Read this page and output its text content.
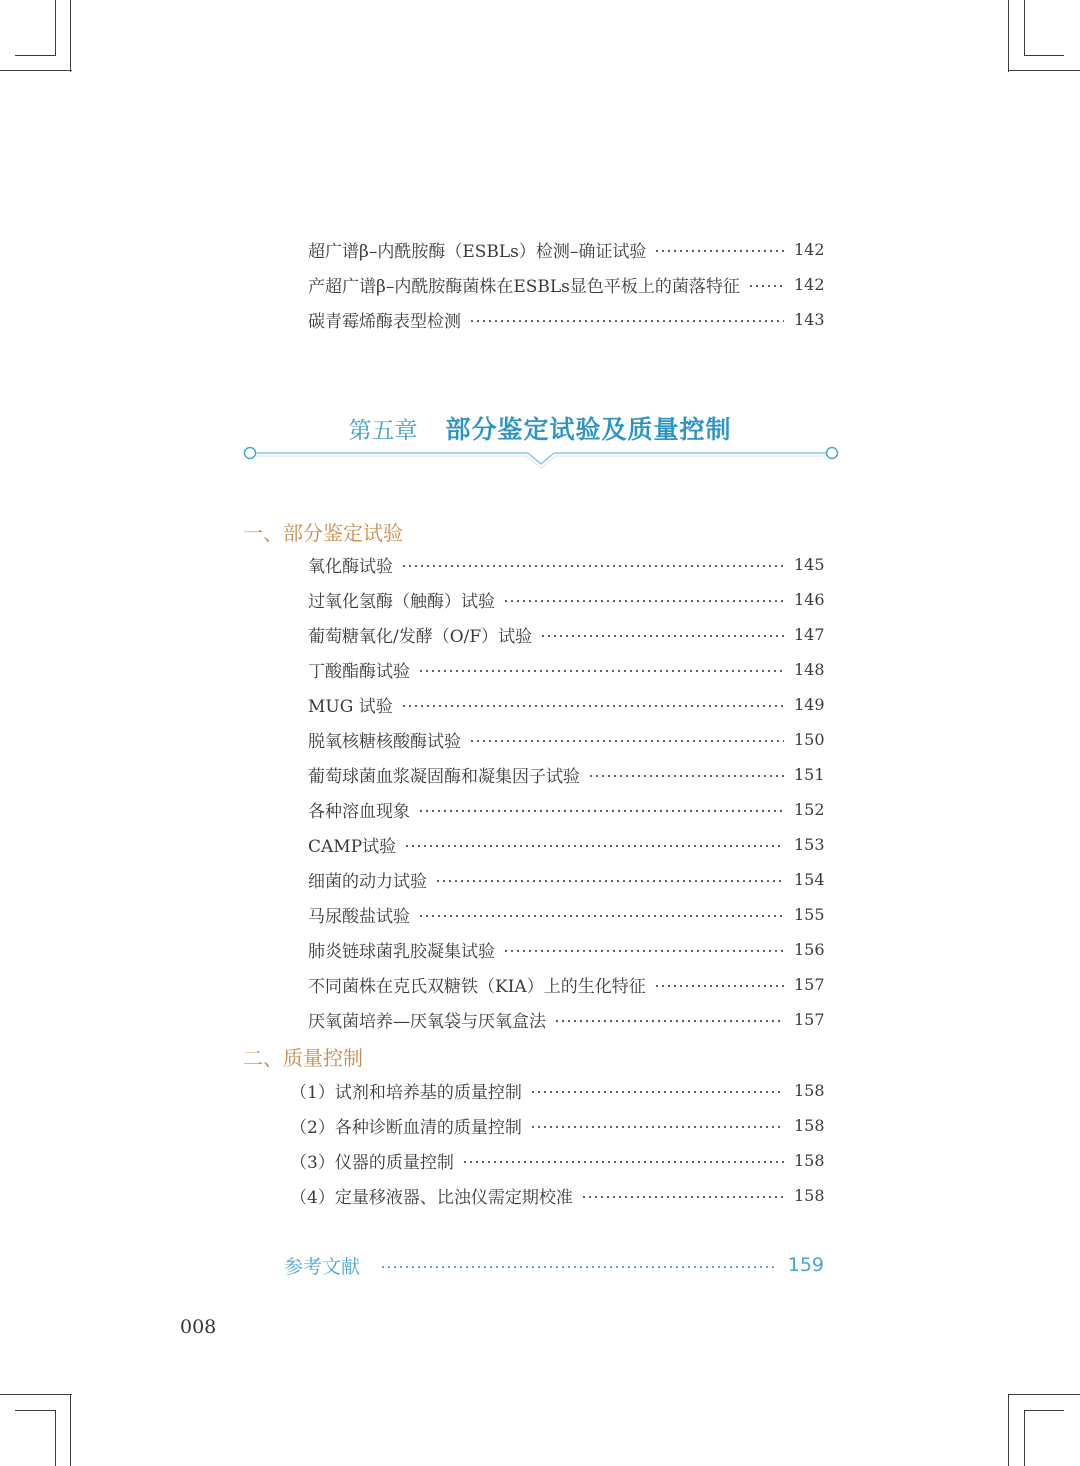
超广谱β–内酰胺酶（ESBLs）检测–确证试验	142
产超广谱β–内酰胺酶菌株在ESBLs显色平板上的菌落特征	142
碳青霉烯酶表型检测	143
第五章 部分鉴定试验及质量控制
一、部分鉴定试验
氧化酶试验	145
过氧化氢酶（触酶）试验	146
葡萄糖氧化/发酵（O/F）试验	147
丁酸酯酶试验	148
MUG 试验	149
脱氧核糖核酸酶试验	150
葡萄球菌血浆凝固酶和凝集因子试验	151
各种溶血现象	152
CAMP试验	153
细菌的动力试验	154
马尿酸盐试验	155
肺炎链球菌乳胶凝集试验	156
不同菌株在克氏双糖铁（KIA）上的生化特征	157
厌氧菌培养—厌氧袋与厌氧盒法	157
二、质量控制
（1）试剂和培养基的质量控制	158
（2）各种诊断血清的质量控制	158
（3）仪器的质量控制	158
（4）定量移液器、比浊仪需定期校准	158
参考文献	159
008
